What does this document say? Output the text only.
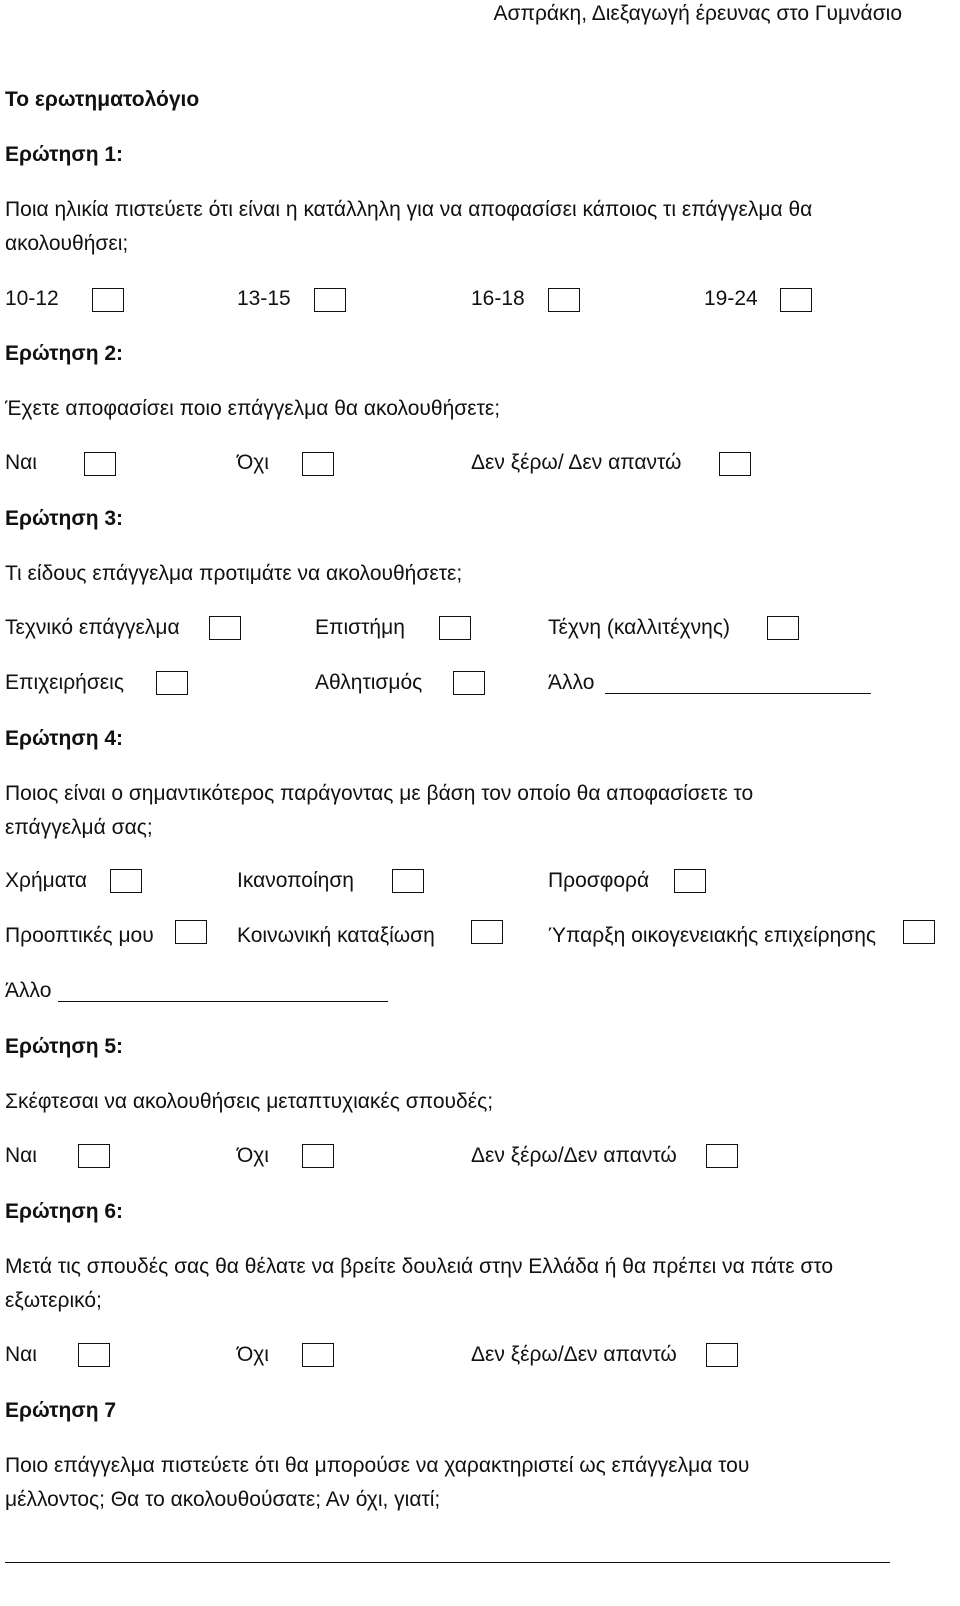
Ασπράκη, Διεξαγωγή έρευνας στο Γυμνάσιο
Το ερωτηματολόγιο
Ερώτηση 1:
Ποια ηλικία πιστεύετε ότι είναι η κατάλληλη για να αποφασίσει κάποιος τι επάγγελμα θα
ακολουθήσει;
10-12	13-15	16-18	19-24
Ερώτηση 2:
Έχετε αποφασίσει ποιο επάγγελμα θα ακολουθήσετε;
Ναι	Όχι	Δεν ξέρω/ Δεν απαντώ
Ερώτηση 3:
Τι είδους επάγγελμα προτιμάτε να ακολουθήσετε;
Τεχνικό επάγγελμα	Επιστήμη	Τέχνη (καλλιτέχνης)
Επιχειρήσεις	Αθλητισμός	Άλλο
Ερώτηση 4:
Ποιος είναι ο σημαντικότερος παράγοντας με βάση τον οποίο θα αποφασίσετε το
επάγγελμά σας;
Χρήματα	Ικανοποίηση	Προσφορά
Προοπτικές μου	Κοινωνική καταξίωση	Ύπαρξη οικογενειακής επιχείρησης
Άλλο
Ερώτηση 5:
Σκέφτεσαι να ακολουθήσεις μεταπτυχιακές σπουδές;
Ναι	Όχι	Δεν ξέρω/Δεν απαντώ
Ερώτηση 6:
Μετά τις σπουδές σας θα θέλατε να βρείτε δουλειά στην Ελλάδα ή θα πρέπει να πάτε στο
εξωτερικό;
Ναι	Όχι	Δεν ξέρω/Δεν απαντώ
Ερώτηση 7
Ποιο επάγγελμα πιστεύετε ότι θα μπορούσε να χαρακτηριστεί ως επάγγελμα του
μέλλοντος; Θα το ακολουθούσατε; Αν όχι, γιατί;
